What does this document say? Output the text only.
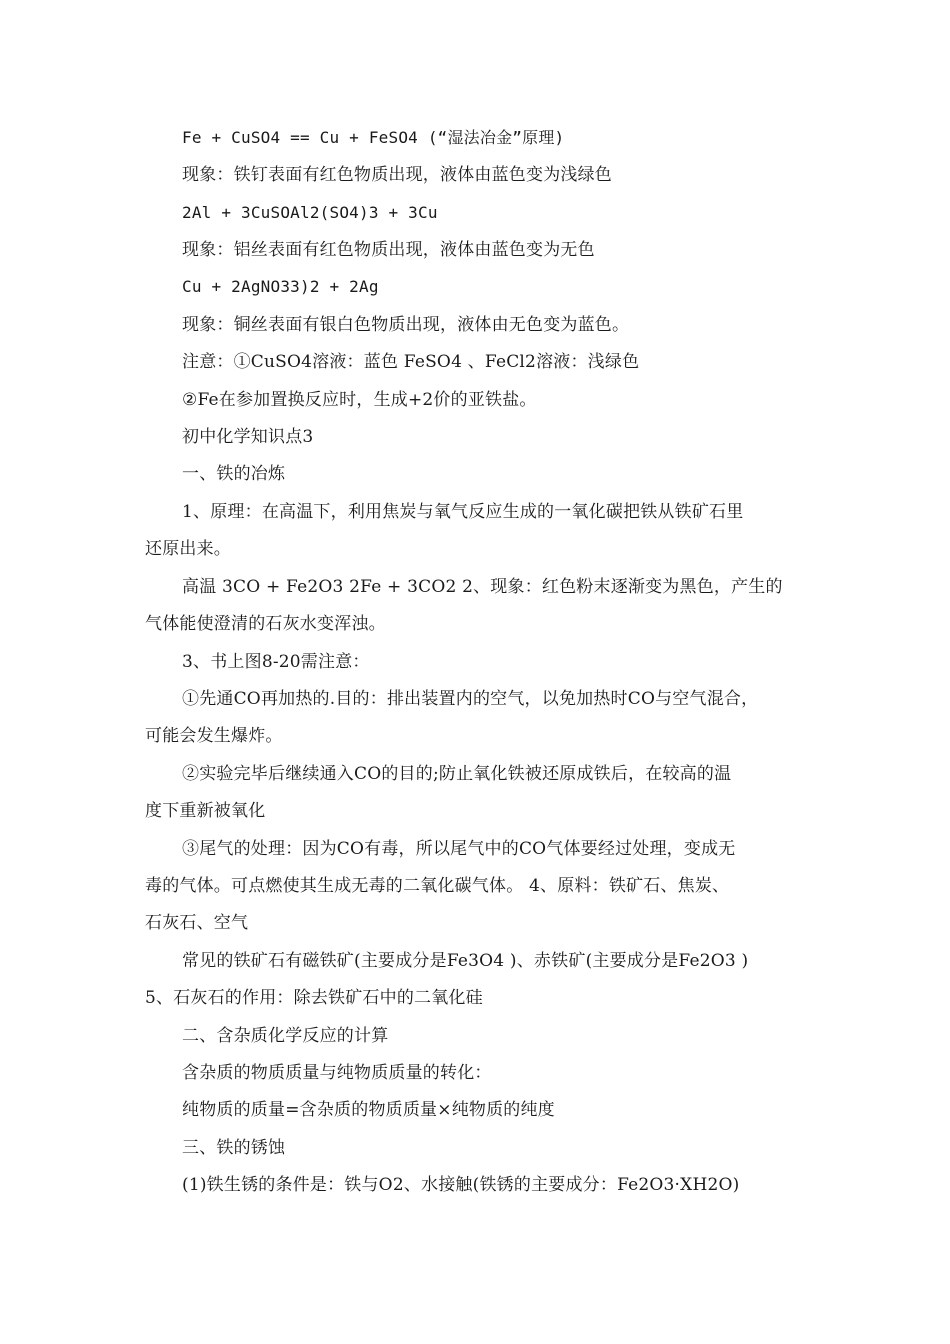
Fe + CuSO4 == Cu + FeSO4 (“湿法冶金”原理)
现象：铁钉表面有红色物质出现，液体由蓝色变为浅绿色
2Al + 3CuSOAl2(SO4)3 + 3Cu
现象：铝丝表面有红色物质出现，液体由蓝色变为无色
Cu + 2AgNO33)2 + 2Ag
现象：铜丝表面有银白色物质出现，液体由无色变为蓝色。
注意：①CuSO4溶液：蓝色 FeSO4 、FeCl2溶液：浅绿色
②Fe在参加置换反应时，生成+2价的亚铁盐。
初中化学知识点3
一、铁的冶炼
1、原理：在高温下，利用焦炭与氧气反应生成的一氧化碳把铁从铁矿石里
还原出来。
高温 3CO + Fe2O3 2Fe + 3CO2 2、现象：红色粉末逐渐变为黑色，产生的
气体能使澄清的石灰水变浑浊。
3、书上图8-20需注意：
①先通CO再加热的.目的：排出装置内的空气，以免加热时CO与空气混合，
可能会发生爆炸。
②实验完毕后继续通入CO的目的;防止氧化铁被还原成铁后，在较高的温
度下重新被氧化
③尾气的处理：因为CO有毒，所以尾气中的CO气体要经过处理，变成无
毒的气体。可点燃使其生成无毒的二氧化碳气体。 4、原料：铁矿石、焦炭、
石灰石、空气
常见的铁矿石有磁铁矿(主要成分是Fe3O4 )、赤铁矿(主要成分是Fe2O3 )
5、石灰石的作用：除去铁矿石中的二氧化硅
二、含杂质化学反应的计算
含杂质的物质质量与纯物质质量的转化：
纯物质的质量=含杂质的物质质量×纯物质的纯度
三、铁的锈蚀
(1)铁生锈的条件是：铁与O2、水接触(铁锈的主要成分：Fe2O3·XH2O)
